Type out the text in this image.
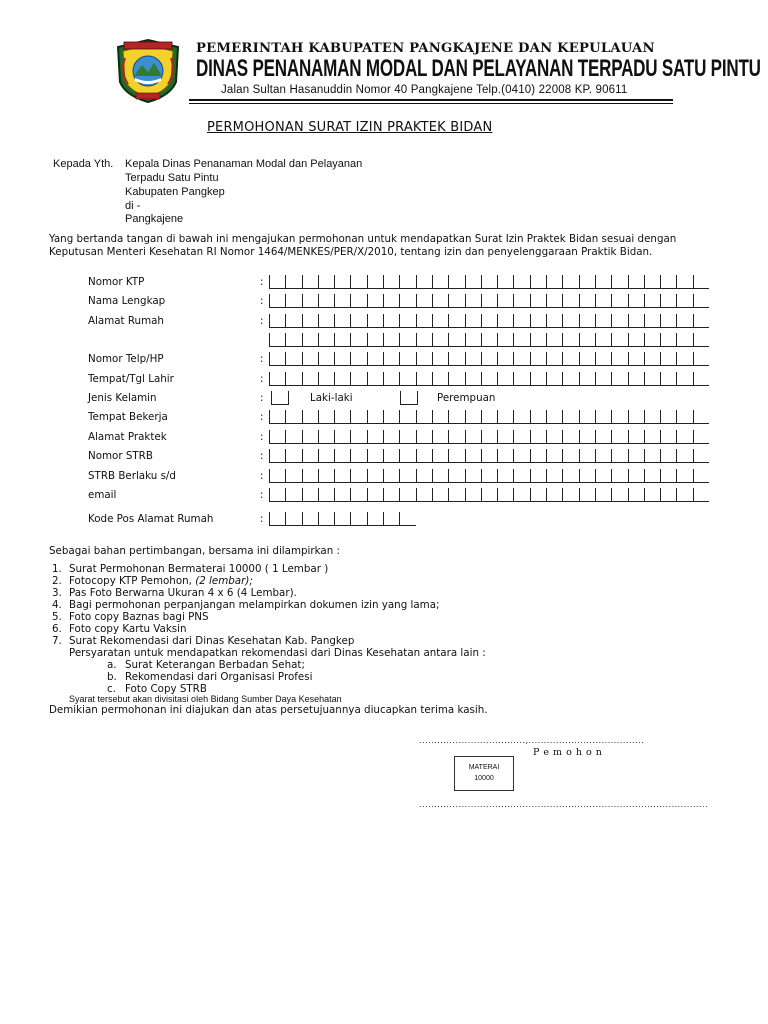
PEMERINTAH KABUPATEN PANGKAJENE DAN KEPULAUAN
DINAS PENANAMAN MODAL DAN PELAYANAN TERPADU SATU PINTU
Jalan Sultan Hasanuddin Nomor 40 Pangkajene Telp.(0410) 22008 KP. 90611
PERMOHONAN SURAT IZIN PRAKTEK BIDAN
Kepada Yth. Kepala Dinas Penanaman Modal dan Pelayanan
Terpadu Satu Pintu
Kabupaten Pangkep
di -
Pangkajene
Yang bertanda tangan di bawah ini mengajukan permohonan untuk mendapatkan Surat Izin Praktek Bidan sesuai dengan
Keputusan Menteri Kesehatan RI Nomor 1464/MENKES/PER/X/2010, tentang izin dan penyelenggaraan Praktik Bidan.
Nomor KTP
Nama Lengkap
Alamat Rumah
Nomor Telp/HP
Tempat/Tgl Lahir
Jenis Kelamin
Tempat Bekerja
Alamat Praktek
Nomor STRB
STRB Berlaku s/d
email
Kode Pos Alamat Rumah
:
:
:
:
:
:
:
:
:
:
:
:
Laki-laki	Perempuan
Sebagai bahan pertimbangan, bersama ini dilampirkan :
1. Surat Permohonan Bermaterai 10000 ( 1 Lembar )
2. Fotocopy KTP Pemohon, (2 lembar);
3. Pas Foto Berwarna Ukuran 4 x 6 (4 Lembar).
4. Bagi permohonan perpanjangan melampirkan dokumen izin yang lama;
5. Foto copy Baznas bagi PNS
6. Foto copy Kartu Vaksin
7. Surat Rekomendasi dari Dinas Kesehatan Kab. Pangkep
Persyaratan untuk mendapatkan rekomendasi dari Dinas Kesehatan antara lain :
a. Surat Keterangan Berbadan Sehat;
b. Rekomendasi dari Organisasi Profesi
c. Foto Copy STRB
Syarat tersebut akan divisitasi oleh Bidang Sumber Daya Kesehatan
Demikian permohonan ini diajukan dan atas persetujuannya diucapkan terima kasih.
...................................,......................................
P e m o h o n
MATERAI
10000
...............................................................................................
